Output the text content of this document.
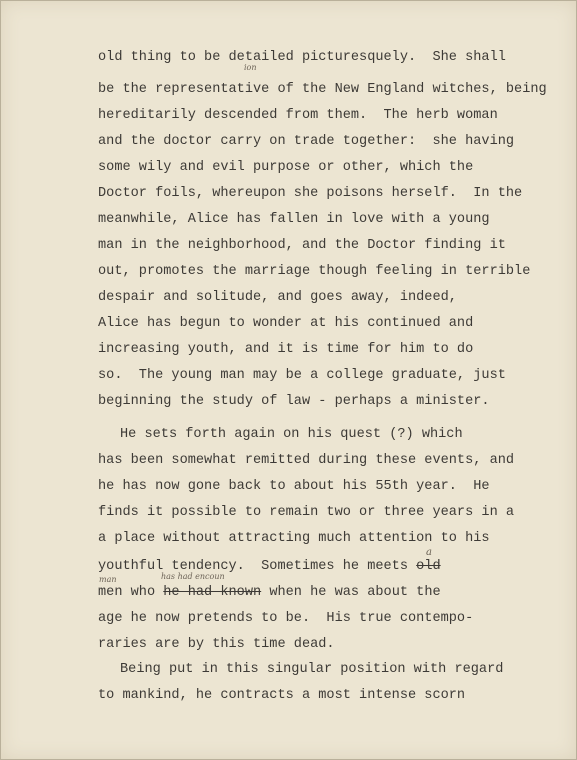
old thing to be detailed picturesquely.  She shall
be the representative of the New England witches, being
hereditarily descended from them.  The herb woman
and the doctor carry on trade together:  she having
some wily and evil purpose or other, which the
Doctor foils, whereupon she poisons herself.  In the
meanwhile, Alice has fallen in love with a young
man in the neighborhood, and the Doctor finding it
out, promotes the marriage though feeling in terrible
despair and solitude, and goes away, indeed,
Alice has begun to wonder at his continued and
increasing youth, and it is time for him to do
so.  The young man may be a college graduate, just
beginning the study of law - perhaps a minister.
He sets forth again on his quest (?) which
has been somewhat remitted during these events, and
he has now gone back to about his 55th year.  He
finds it possible to remain two or three years in a
a place without attracting much attention to his
youthful tendency.  Sometimes he meets old
men who he had known when he was about the
age he now pretends to be.  His true contempo-
raries are by this time dead.
Being put in this singular position with regard
to mankind, he contracts a most intense scorn
ion
a
man	has had encoun
